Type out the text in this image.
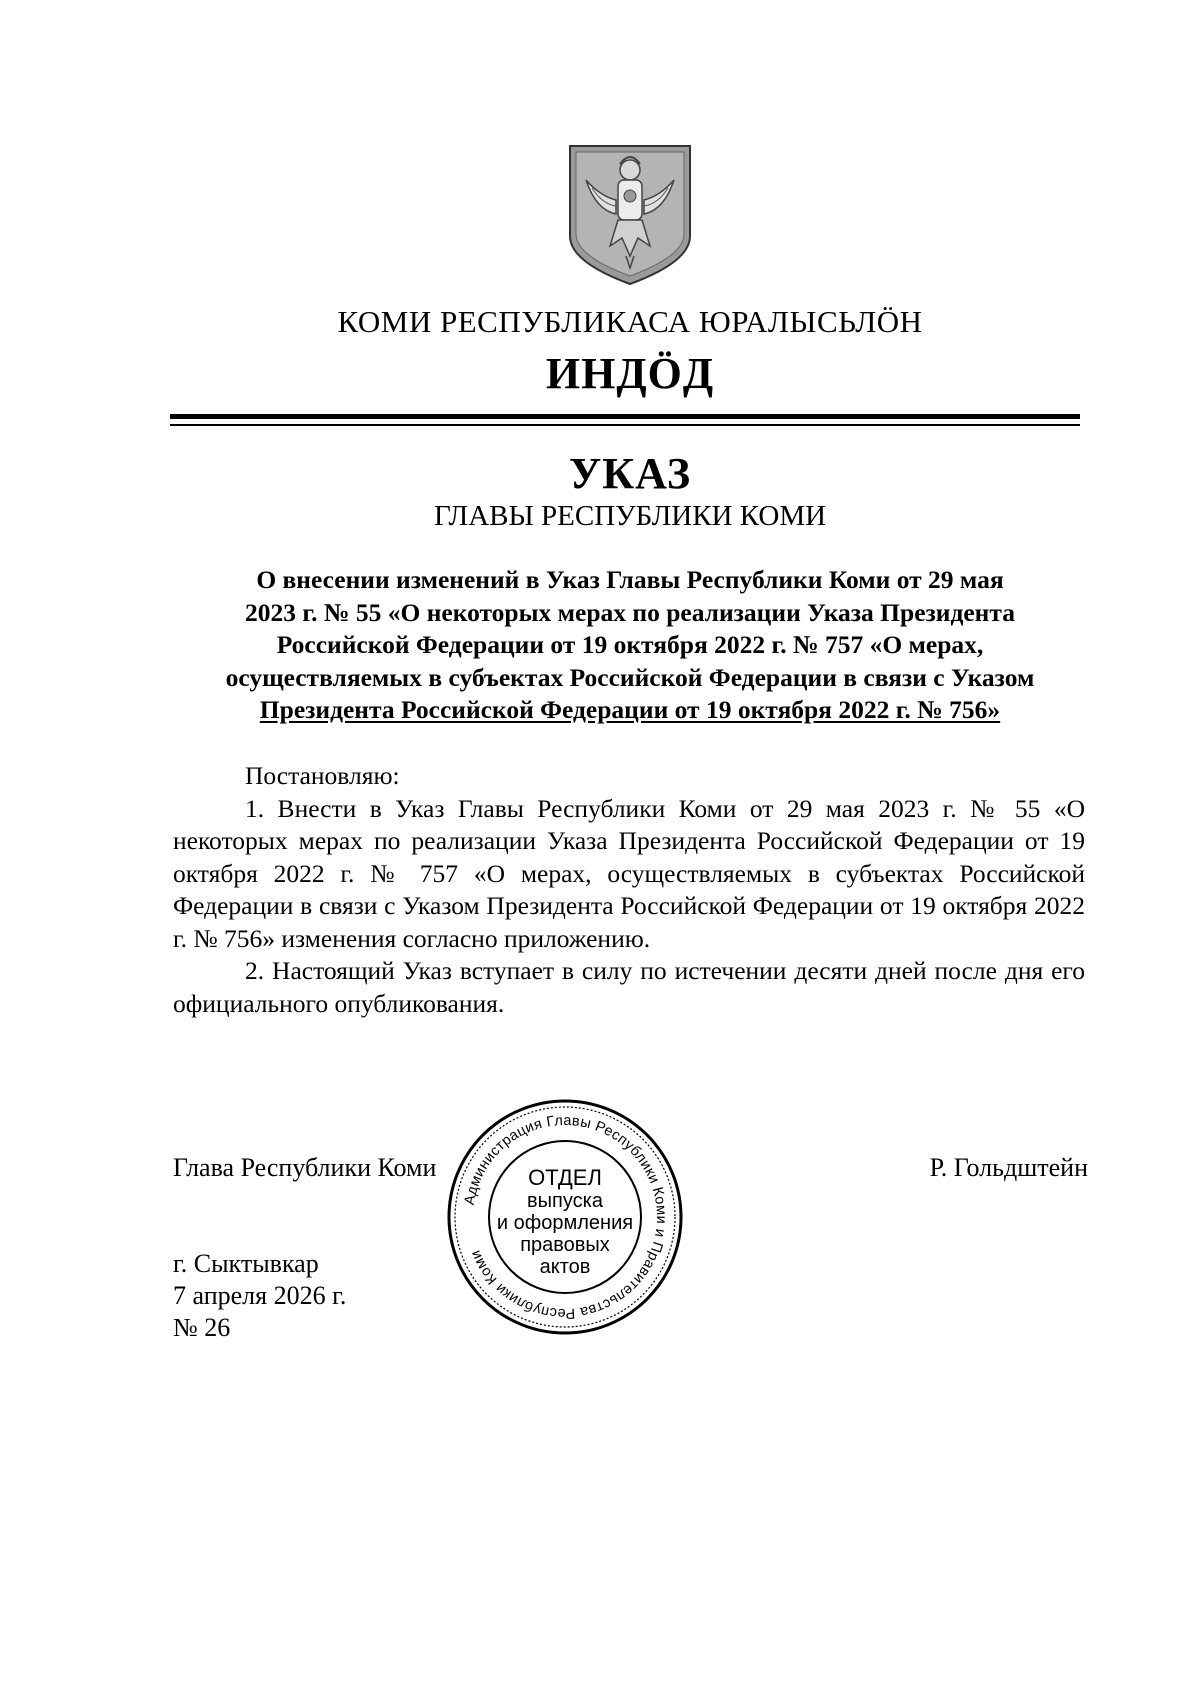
КОМИ РЕСПУБЛИКАСА ЮРАЛЫСЬЛÖН
ИНДÖД
УКАЗ
ГЛАВЫ РЕСПУБЛИКИ КОМИ
О внесении изменений в Указ Главы Республики Коми от 29 мая
2023 г. № 55 «О некоторых мерах по реализации Указа Президента
Российской Федерации от 19 октября 2022 г. № 757 «О мерах,
осуществляемых в субъектах Российской Федерации в связи с Указом
Президента Российской Федерации от 19 октября 2022 г. № 756»

Постановляю:

1. Внести в Указ Главы Республики Коми от 29 мая 2023 г. № 55 «О некоторых мерах по реализации Указа Президента Российской Федерации от 19 октября 2022 г. № 757 «О мерах, осуществляемых в субъектах Российской Федерации в связи с Указом Президента Российской Федерации от 19 октября 2022 г. № 756» изменения согласно приложению.

2. Настоящий Указ вступает в силу по истечении десяти дней после дня его официального опубликования.

Глава Республики Коми	Р. Гольдштейн
Администрация Главы Республики Коми и Правительства Республики Коми
ОТДЕЛ
выпуска
и оформления
правовых
актов
г. Сыктывкар
7 апреля 2026 г.
№ 26
